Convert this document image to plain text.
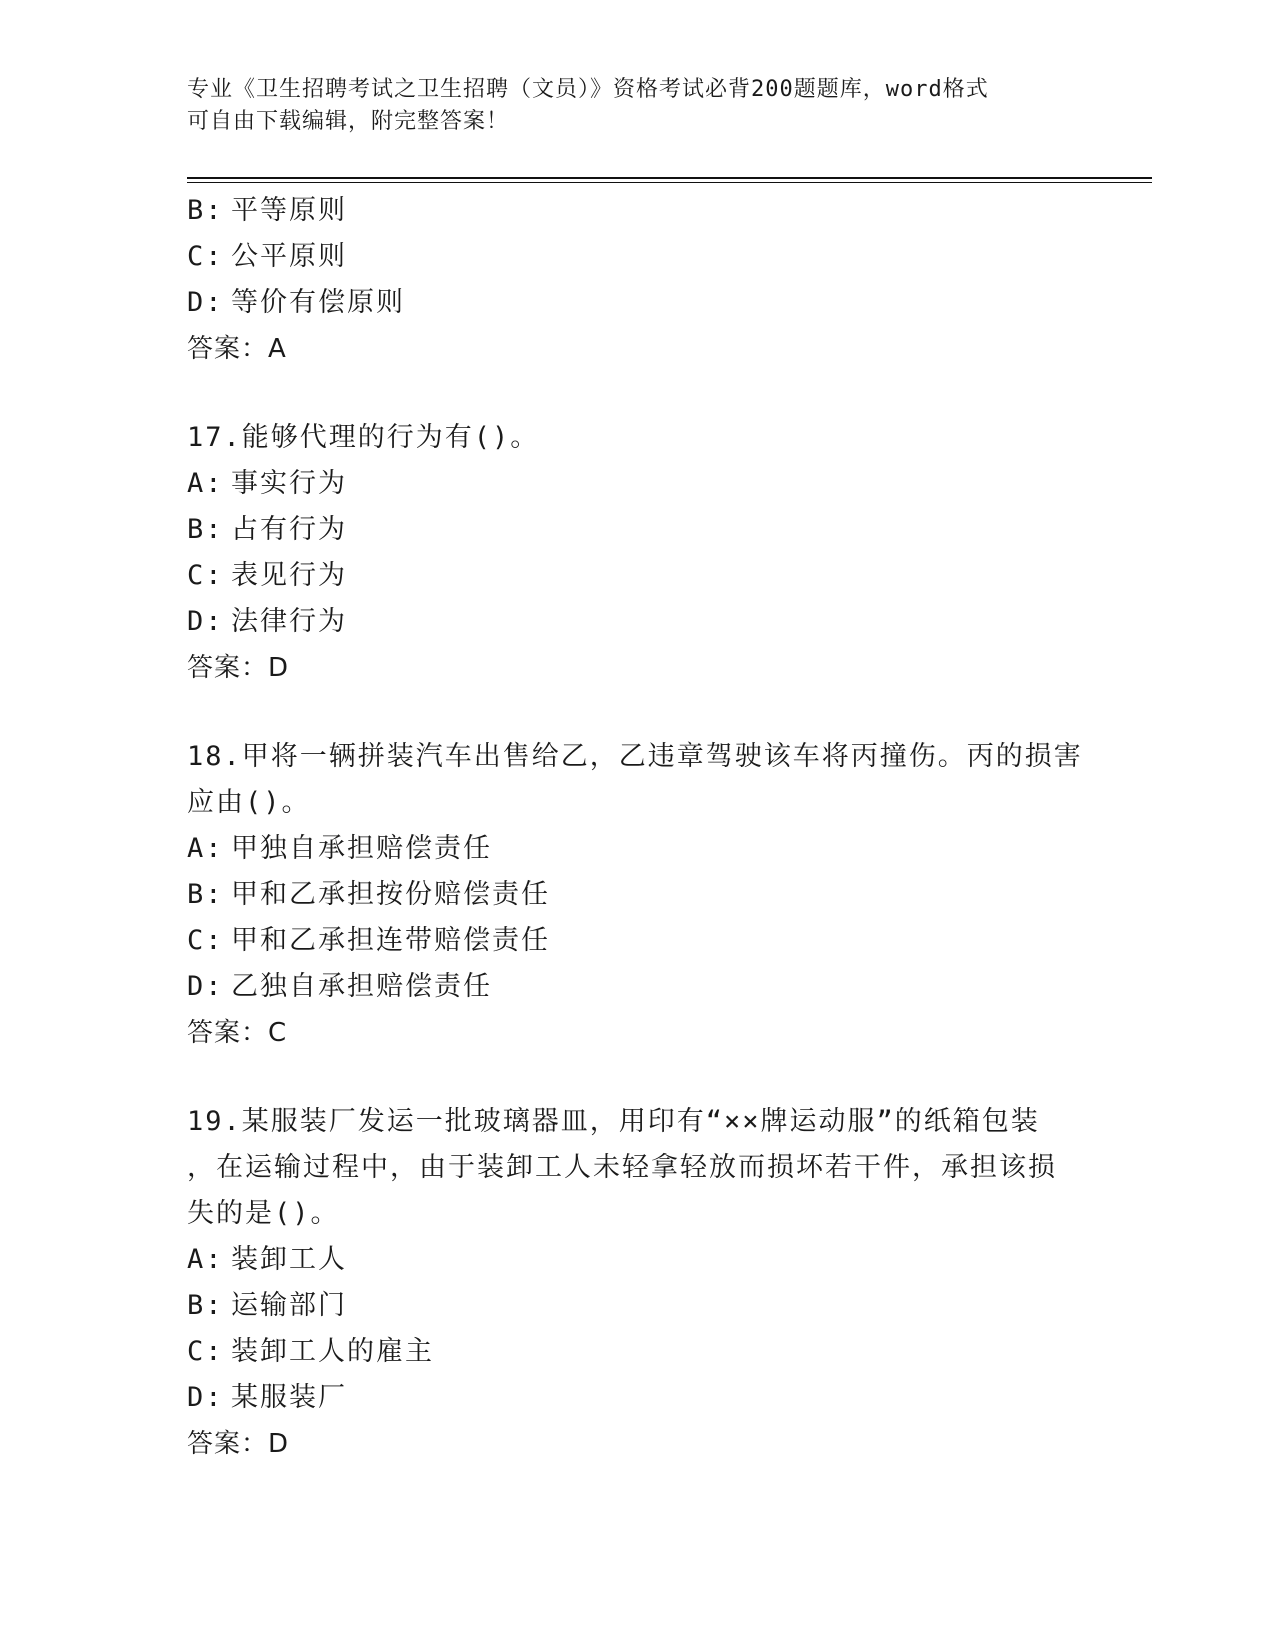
专业《卫生招聘考试之卫生招聘（文员）》资格考试必背200题题库，word格式
可自由下载编辑，附完整答案！
B: 平等原则
C: 公平原则
D: 等价有偿原则
答案：A
17.能够代理的行为有()。
A: 事实行为
B: 占有行为
C: 表见行为
D: 法律行为
答案：D
18.甲将一辆拼装汽车出售给乙，乙违章驾驶该车将丙撞伤。丙的损害
应由()。
A: 甲独自承担赔偿责任
B: 甲和乙承担按份赔偿责任
C: 甲和乙承担连带赔偿责任
D: 乙独自承担赔偿责任
答案：C
19.某服装厂发运一批玻璃器皿，用印有“××牌运动服”的纸箱包装
，在运输过程中，由于装卸工人未轻拿轻放而损坏若干件，承担该损
失的是()。
A: 装卸工人
B: 运输部门
C: 装卸工人的雇主
D: 某服装厂
答案：D
